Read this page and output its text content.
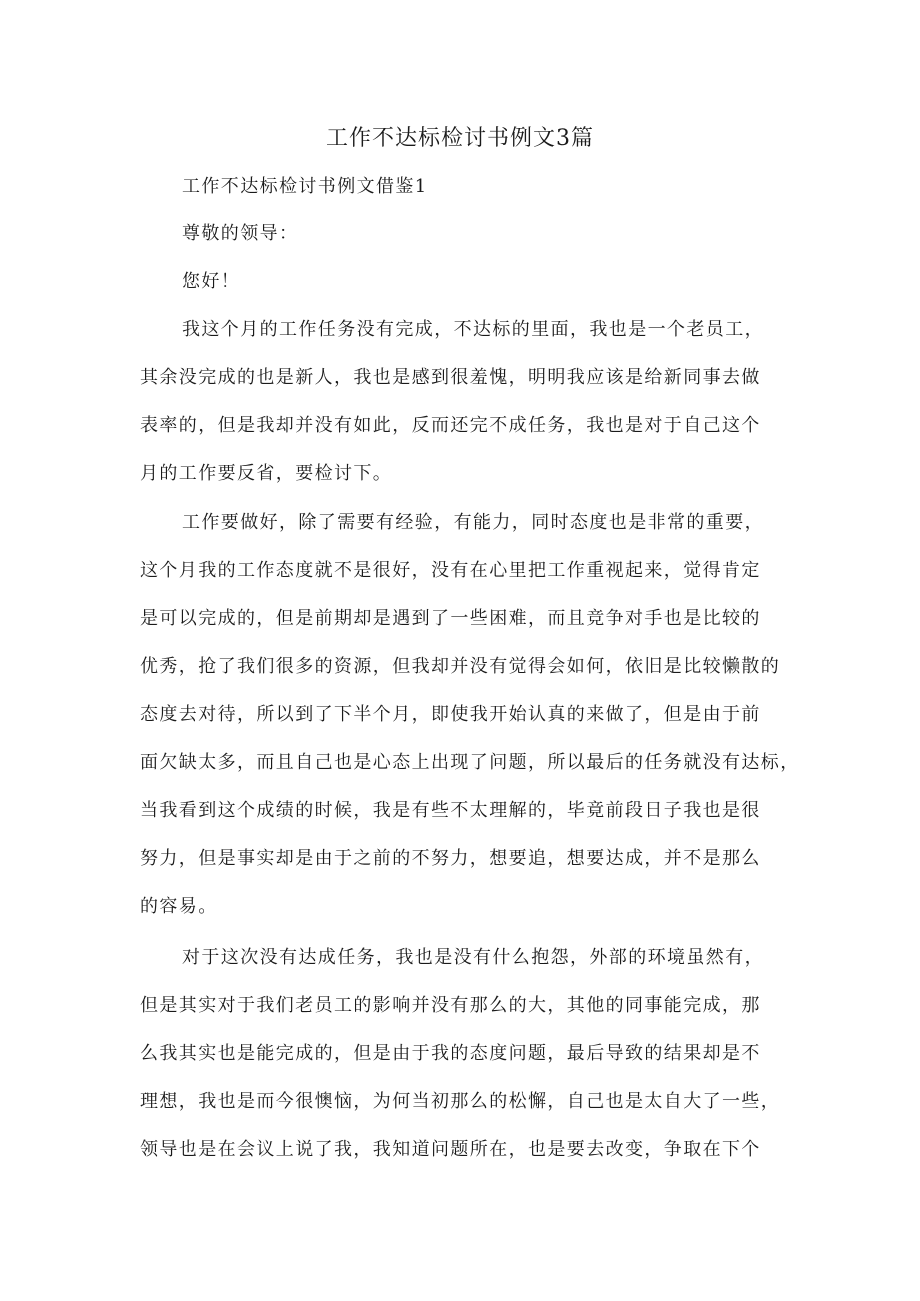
工作不达标检讨书例文3篇
工作不达标检讨书例文借鉴1
尊敬的领导：
您好！
我这个月的工作任务没有完成，不达标的里面，我也是一个老员工，
其余没完成的也是新人，我也是感到很羞愧，明明我应该是给新同事去做
表率的，但是我却并没有如此，反而还完不成任务，我也是对于自己这个
月的工作要反省，要检讨下。
工作要做好，除了需要有经验，有能力，同时态度也是非常的重要，
这个月我的工作态度就不是很好，没有在心里把工作重视起来，觉得肯定
是可以完成的，但是前期却是遇到了一些困难，而且竞争对手也是比较的
优秀，抢了我们很多的资源，但我却并没有觉得会如何，依旧是比较懒散的
态度去对待，所以到了下半个月，即使我开始认真的来做了，但是由于前
面欠缺太多，而且自己也是心态上出现了问题，所以最后的任务就没有达标，
当我看到这个成绩的时候，我是有些不太理解的，毕竟前段日子我也是很
努力，但是事实却是由于之前的不努力，想要追，想要达成，并不是那么
的容易。
对于这次没有达成任务，我也是没有什么抱怨，外部的环境虽然有，
但是其实对于我们老员工的影响并没有那么的大，其他的同事能完成，那
么我其实也是能完成的，但是由于我的态度问题，最后导致的结果却是不
理想，我也是而今很懊恼，为何当初那么的松懈，自己也是太自大了一些，
领导也是在会议上说了我，我知道问题所在，也是要去改变，争取在下个
